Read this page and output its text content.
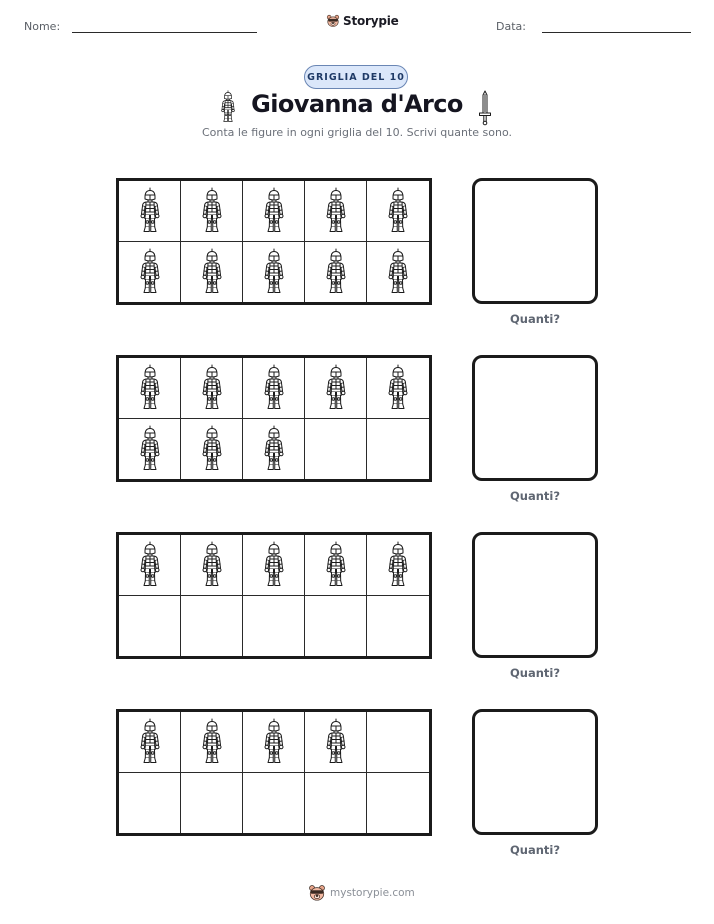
Nome:	Storypie	Data:
GRIGLIA DEL 10
Giovanna d'Arco
Conta le figure in ogni griglia del 10. Scrivi quante sono.
Quanti?
Quanti?
Quanti?
Quanti?
mystorypie.com
